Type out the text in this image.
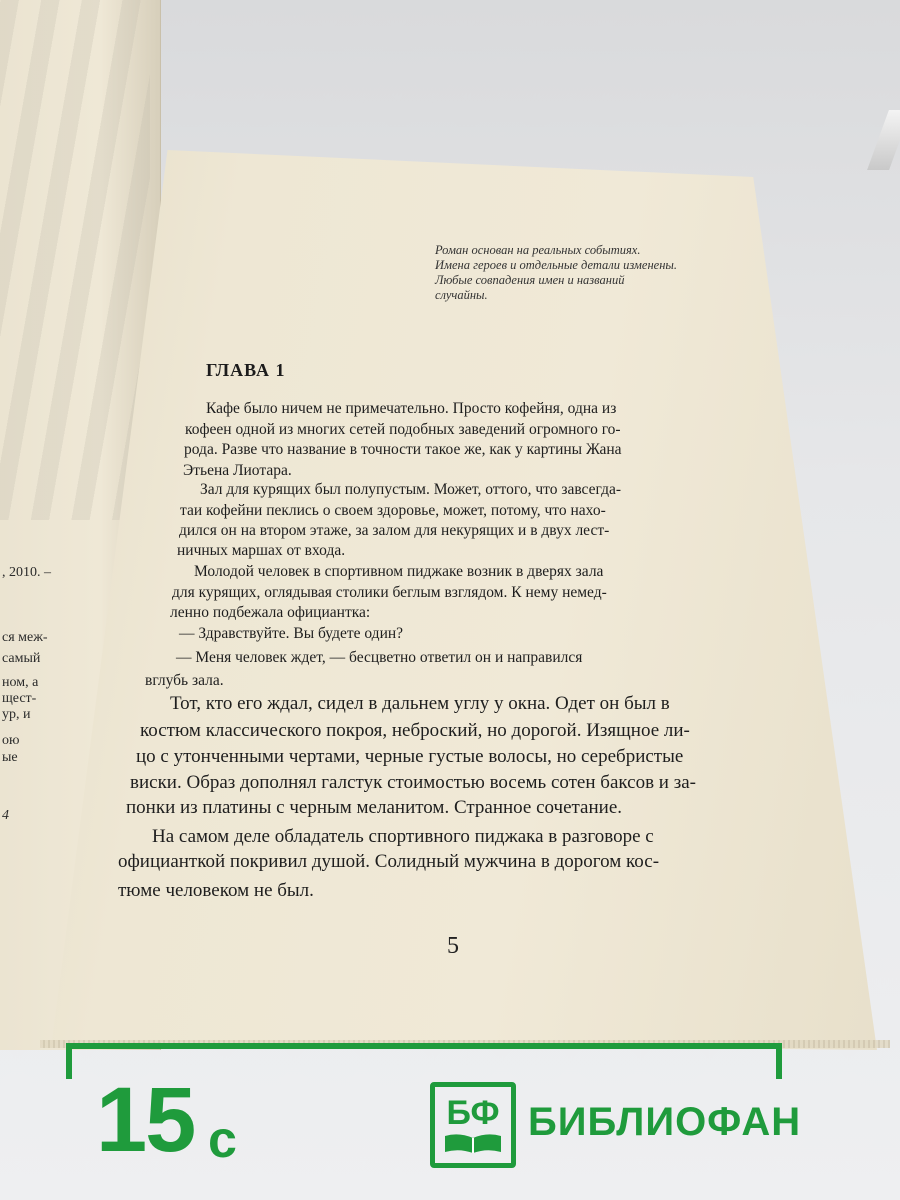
, 2010. –
ся меж-
самый
ном, а
щест-
ур, и
ою
ые
4
Роман основан на реальных событиях.
Имена героев и отдельные детали изменены.
Любые совпадения имен и названий
случайны.
ГЛАВА 1
Кафе было ничем не примечательно. Просто кофейня, одна из
кофеен одной из многих сетей подобных заведений огромного го-
рода. Разве что название в точности такое же, как у картины Жана
Этьена Лиотара.
Зал для курящих был полупустым. Может, оттого, что завсегда-
таи кофейни пеклись о своем здоровье, может, потому, что нахо-
дился он на втором этаже, за залом для некурящих и в двух лест-
ничных маршах от входа.
Молодой человек в спортивном пиджаке возник в дверях зала
для курящих, оглядывая столики беглым взглядом. К нему немед-
ленно подбежала официантка:
— Здравствуйте. Вы будете один?
— Меня человек ждет, — бесцветно ответил он и направился
вглубь зала.
Тот, кто его ждал, сидел в дальнем углу у окна. Одет он был в
костюм классического покроя, неброский, но дорогой. Изящное ли-
цо с утонченными чертами, черные густые волосы, но серебристые
виски. Образ дополнял галстук стоимостью восемь сотен баксов и за-
понки из платины с черным меланитом. Странное сочетание.
На самом деле обладатель спортивного пиджака в разговоре с
официанткой покривил душой. Солидный мужчина в дорогом кос-
тюме человеком не был.
5
15 с	БФ БИБЛИОФАН
